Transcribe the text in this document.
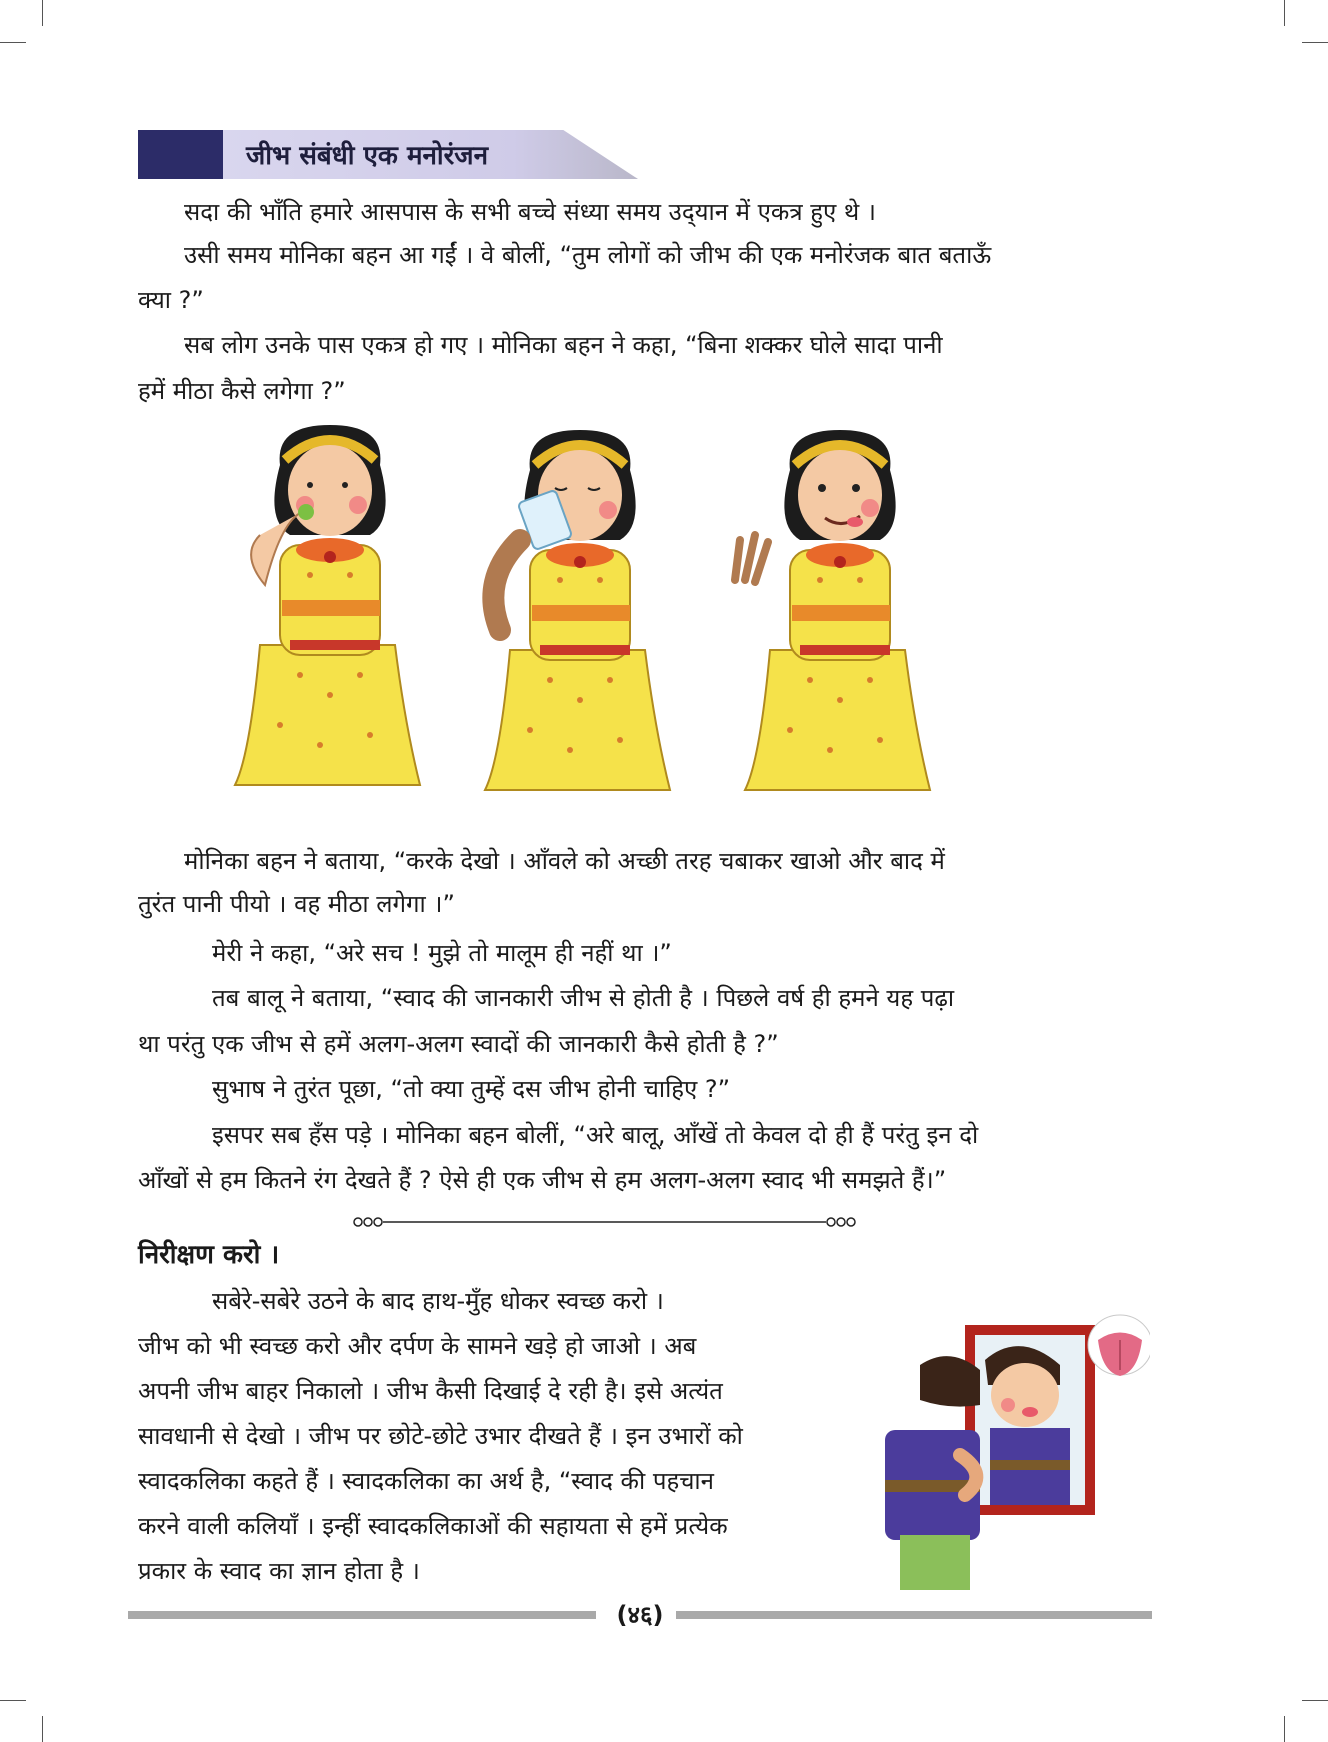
जीभ संबंधी एक मनोरंजन
सदा की भाँति हमारे आसपास के सभी बच्चे संध्या समय उद्‌यान में एकत्र हुए थे ।
उसी समय मोनिका बहन आ गईं । वे बोलीं, “तुम लोगों को जीभ की एक मनोरंजक बात बताऊँ
क्या ?”
सब लोग उनके पास एकत्र हो गए । मोनिका बहन ने कहा, “बिना शक्कर घोले सादा पानी
हमें मीठा कैसे लगेगा ?”
मोनिका बहन ने बताया, “करके देखो । आँवले को अच्छी तरह चबाकर खाओ और बाद में
तुरंत पानी पीयो । वह मीठा लगेगा ।”
मेरी ने कहा, “अरे सच ! मुझे तो मालूम ही नहीं था ।”
तब बालू ने बताया, “स्वाद की जानकारी जीभ से होती है । पिछले वर्ष ही हमने यह पढ़ा
था परंतु एक जीभ से हमें अलग-अलग स्वादों की जानकारी कैसे होती है ?”
सुभाष ने तुरंत पूछा, “तो क्या तुम्हें दस जीभ होनी चाहिए ?”
इसपर सब हँस पड़े । मोनिका बहन बोलीं, “अरे बालू, आँखें तो केवल दो ही हैं परंतु इन दो
आँखों से हम कितने रंग देखते हैं ? ऐसे ही एक जीभ से हम अलग-अलग स्वाद भी समझते हैं।”
निरीक्षण करो ।
सबेरे-सबेरे उठने के बाद हाथ-मुँह धोकर स्वच्छ करो ।
जीभ को भी स्वच्छ करो और दर्पण के सामने खड़े हो जाओ । अब
अपनी जीभ बाहर निकालो । जीभ कैसी दिखाई दे रही है। इसे अत्यंत
सावधानी से देखो । जीभ पर छोटे-छोटे उभार दीखते हैं । इन उभारों को
स्वादकलिका कहते हैं । स्वादकलिका का अर्थ है, “स्वाद की पहचान
करने वाली कलियाँ । इन्हीं स्वादकलिकाओं की सहायता से हमें प्रत्येक
प्रकार के स्वाद का ज्ञान होता है ।
(४६)
